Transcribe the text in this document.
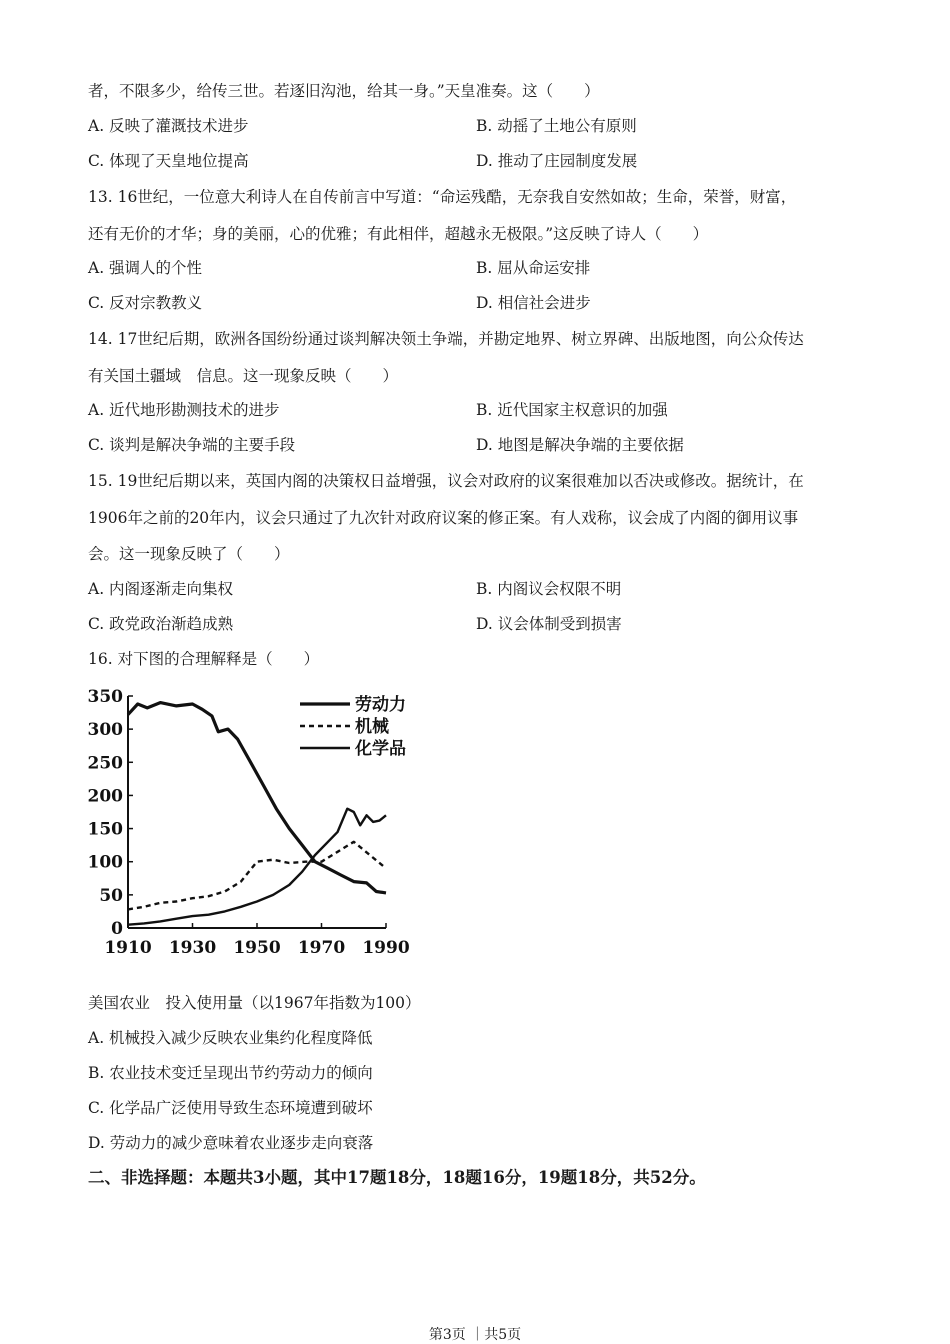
者，不限多少，给传三世。若逐旧沟池，给其一身。”天皇准奏。这（　　）
A. 反映了灌溉技术进步	B. 动摇了土地公有原则
C. 体现了天皇地位提高	D. 推动了庄园制度发展
13. 16世纪，一位意大利诗人在自传前言中写道：“命运残酷，无奈我自安然如故；生命，荣誉，财富，
还有无价的才华；身的美丽，心的优雅；有此相伴，超越永无极限。”这反映了诗人（　　）
A. 强调人的个性	B. 屈从命运安排
C. 反对宗教教义	D. 相信社会进步
14. 17世纪后期，欧洲各国纷纷通过谈判解决领土争端，并勘定地界、树立界碑、出版地图，向公众传达
有关国土疆域　信息。这一现象反映（　　）
A. 近代地形勘测技术的进步	B. 近代国家主权意识的加强
C. 谈判是解决争端的主要手段	D. 地图是解决争端的主要依据
15. 19世纪后期以来，英国内阁的决策权日益增强，议会对政府的议案很难加以否决或修改。据统计，在
1906年之前的20年内，议会只通过了九次针对政府议案的修正案。有人戏称，议会成了内阁的御用议事
会。这一现象反映了（　　）
A. 内阁逐渐走向集权	B. 内阁议会权限不明
C. 政党政治渐趋成熟	D. 议会体制受到损害
16. 对下图的合理解释是（　　）
0
50
100
150
200
250
300
350
1910 1930 1950 1970 1990
劳动力
机械
化学品
美国农业　投入使用量（以1967年指数为100）
A. 机械投入减少反映农业集约化程度降低
B. 农业技术变迁呈现出节约劳动力的倾向
C. 化学品广泛使用导致生态环境遭到破坏
D. 劳动力的减少意味着农业逐步走向衰落
二、非选择题：本题共3小题，其中17题18分，18题16分，19题18分，共52分。
第3页 ｜共5页
